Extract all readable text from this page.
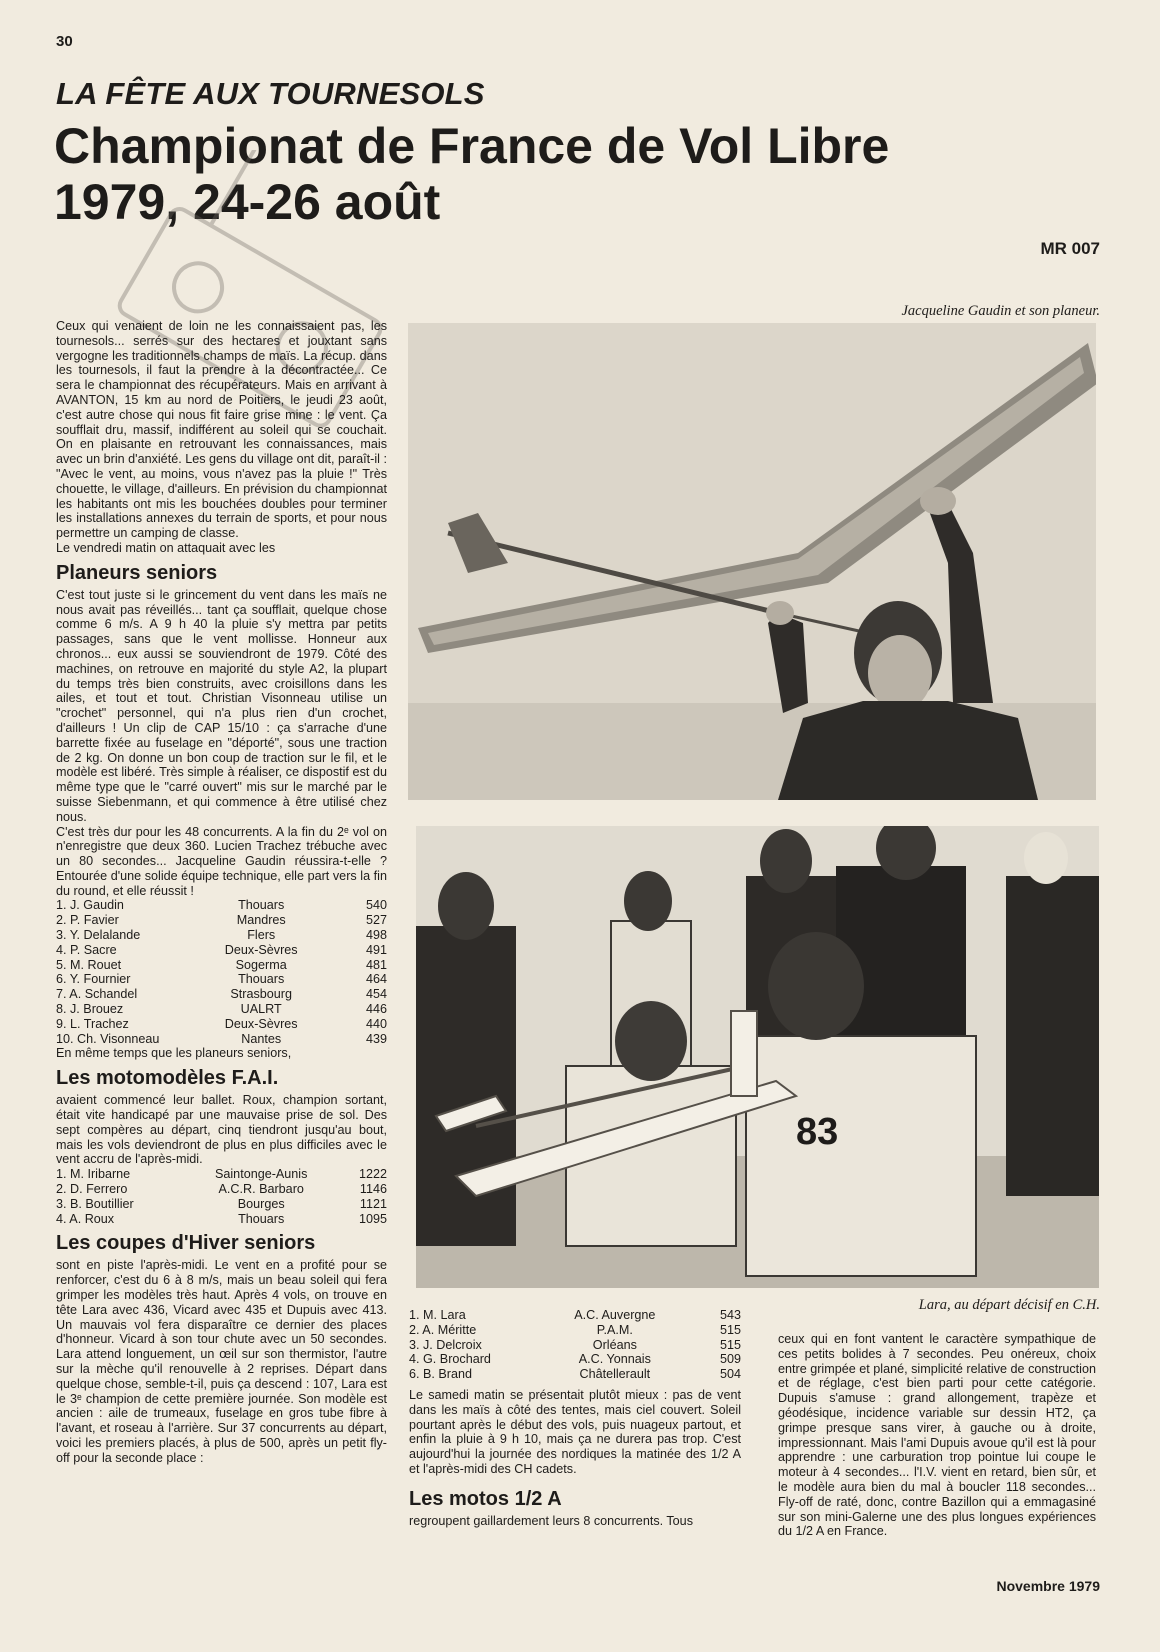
30
LA FÊTE AUX TOURNESOLS
Championat de France de Vol Libre
1979, 24-26 août
MR 007
Jacqueline Gaudin et son planeur.
83
Lara, au départ décisif en C.H.

Ceux qui venaient de loin ne les connaissaient pas, les tournesols... serrés sur des hectares et jouxtant sans vergogne les traditionnels champs de maïs. La récup. dans les tournesols, il faut la prendre à la décontractée... Ce sera le championnat des récupérateurs. Mais en arrivant à AVANTON, 15 km au nord de Poitiers, le jeudi 23 août, c'est autre chose qui nous fit faire grise mine : le vent. Ça soufflait dru, massif, indifférent au soleil qui se couchait. On en plaisante en retrouvant les connaissances, mais avec un brin d'anxiété. Les gens du village ont dit, paraît-il : "Avec le vent, au moins, vous n'avez pas la pluie !" Très chouette, le village, d'ailleurs. En prévision du championnat les habitants ont mis les bouchées doubles pour terminer les installations annexes du terrain de sports, et pour nous permettre un camping de classe.

Le vendredi matin on attaquait avec les

Planeurs seniors

C'est tout juste si le grincement du vent dans les maïs ne nous avait pas réveillés... tant ça soufflait, quelque chose comme 6 m/s. A 9 h 40 la pluie s'y mettra par petits passages, sans que le vent mollisse. Honneur aux chronos... eux aussi se souviendront de 1979. Côté des machines, on retrouve en majorité du style A2, la plupart du temps très bien construits, avec croisillons dans les ailes, et tout et tout. Christian Visonneau utilise un "crochet" personnel, qui n'a plus rien d'un crochet, d'ailleurs ! Un clip de CAP 15/10 : ça s'arrache d'une barrette fixée au fuselage en "déporté", sous une traction de 2 kg. On donne un bon coup de traction sur le fil, et le modèle est libéré. Très simple à réaliser, ce dispostif est du même type que le "carré ouvert" mis sur le marché par le suisse Siebenmann, et qui commence à être utilisé chez nous.

C'est très dur pour les 48 concurrents. A la fin du 2ᵉ vol on n'enregistre que deux 360. Lucien Trachez trébuche avec un 80 secondes... Jacqueline Gaudin réussira-t-elle ? Entourée d'une solide équipe technique, elle part vers la fin du round, et elle réussit !

1. J. Gaudin	Thouars	540
2. P. Favier	Mandres	527
3. Y. Delalande	Flers	498
4. P. Sacre	Deux-Sèvres	491
5. M. Rouet	Sogerma	481
6. Y. Fournier	Thouars	464
7. A. Schandel	Strasbourg	454
8. J. Brouez	UALRT	446
9. L. Trachez	Deux-Sèvres	440
10. Ch. Visonneau	Nantes	439

En même temps que les planeurs seniors,

Les motomodèles F.A.I.

avaient commencé leur ballet. Roux, champion sortant, était vite handicapé par une mauvaise prise de sol. Des sept compères au départ, cinq tiendront jusqu'au bout, mais les vols deviendront de plus en plus difficiles avec le vent accru de l'après-midi.

1. M. Iribarne	Saintonge-Aunis	1222
2. D. Ferrero	A.C.R. Barbaro	1146
3. B. Boutillier	Bourges	1121
4. A. Roux	Thouars	1095
Les coupes d'Hiver seniors

sont en piste l'après-midi. Le vent en a profité pour se renforcer, c'est du 6 à 8 m/s, mais un beau soleil qui fera grimper les modèles très haut. Après 4 vols, on trouve en tête Lara avec 436, Vicard avec 435 et Dupuis avec 413. Un mauvais vol fera disparaître ce dernier des places d'honneur. Vicard à son tour chute avec un 50 secondes. Lara attend longuement, un œil sur son thermistor, l'autre sur la mèche qu'il renouvelle à 2 reprises. Départ dans quelque chose, semble-t-il, puis ça descend : 107, Lara est le 3ᵉ champion de cette première journée. Son modèle est ancien : aile de trumeaux, fuselage en gros tube fibre à l'avant, et roseau à l'arrière. Sur 37 concurrents au départ, voici les premiers placés, à plus de 500, après un petit fly-off pour la seconde place :

1. M. Lara	A.C. Auvergne	543
2. A. Méritte	P.A.M.	515
3. J. Delcroix	Orléans	515
4. G. Brochard	A.C. Yonnais	509
6. B. Brand	Châtellerault	504

Le samedi matin se présentait plutôt mieux : pas de vent dans les maïs à côté des tentes, mais ciel couvert. Soleil pourtant après le début des vols, puis nuageux partout, et enfin la pluie à 9 h 10, mais ça ne durera pas trop. C'est aujourd'hui la journée des nordiques la matinée des 1/2 A et l'après-midi des CH cadets.

Les motos 1/2 A

regroupent gaillardement leurs 8 concurrents. Tous

ceux qui en font vantent le caractère sympathique de ces petits bolides à 7 secondes. Peu onéreux, choix entre grimpée et plané, simplicité relative de construction et de réglage, c'est bien parti pour cette catégorie. Dupuis s'amuse : grand allongement, trapèze et géodésique, incidence variable sur dessin HT2, ça grimpe presque sans virer, à gauche ou à droite, impressionnant. Mais l'ami Dupuis avoue qu'il est là pour apprendre : une carburation trop pointue lui coupe le moteur à 4 secondes... l'I.V. vient en retard, bien sûr, et le modèle aura bien du mal à boucler 118 secondes... Fly-off de raté, donc, contre Bazillon qui a emmagasiné sur son mini-Galerne une des plus longues expériences du 1/2 A en France.

Novembre 1979
